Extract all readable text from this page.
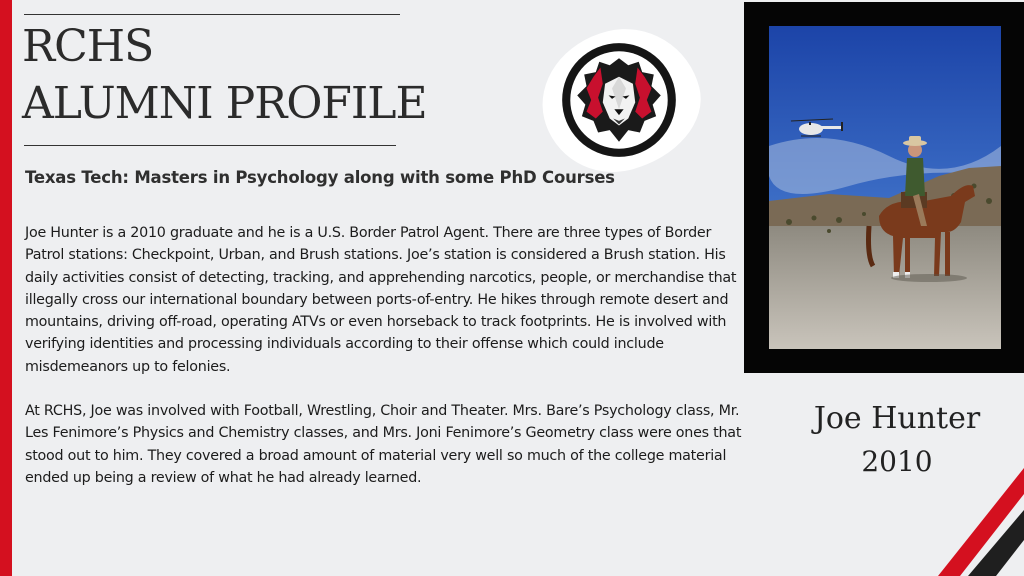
RCHS
ALUMNI PROFILE
Texas Tech: Masters in Psychology along with some PhD Courses

Joe Hunter is a 2010 graduate and he is a U.S. Border Patrol Agent. There are three types of Border Patrol stations: Checkpoint, Urban, and Brush stations. Joe’s station is considered a Brush station. His daily activities consist of detecting, tracking, and apprehending narcotics, people, or merchandise that illegally cross our international boundary between ports-of-entry. He hikes through remote desert and mountains, driving off-road, operating ATVs or even horseback to track footprints. He is involved with verifying identities and processing individuals according to their offense which could include misdemeanors up to felonies.

At RCHS, Joe was involved with Football, Wrestling, Choir and Theater. Mrs. Bare’s Psychology class, Mr. Les Fenimore’s Physics and Chemistry classes, and Mrs. Joni Fenimore’s Geometry class were ones that stood out to him. They covered a broad amount of material very well so much of the college material ended up being a review of what he had already learned.

Joe Hunter
2010
